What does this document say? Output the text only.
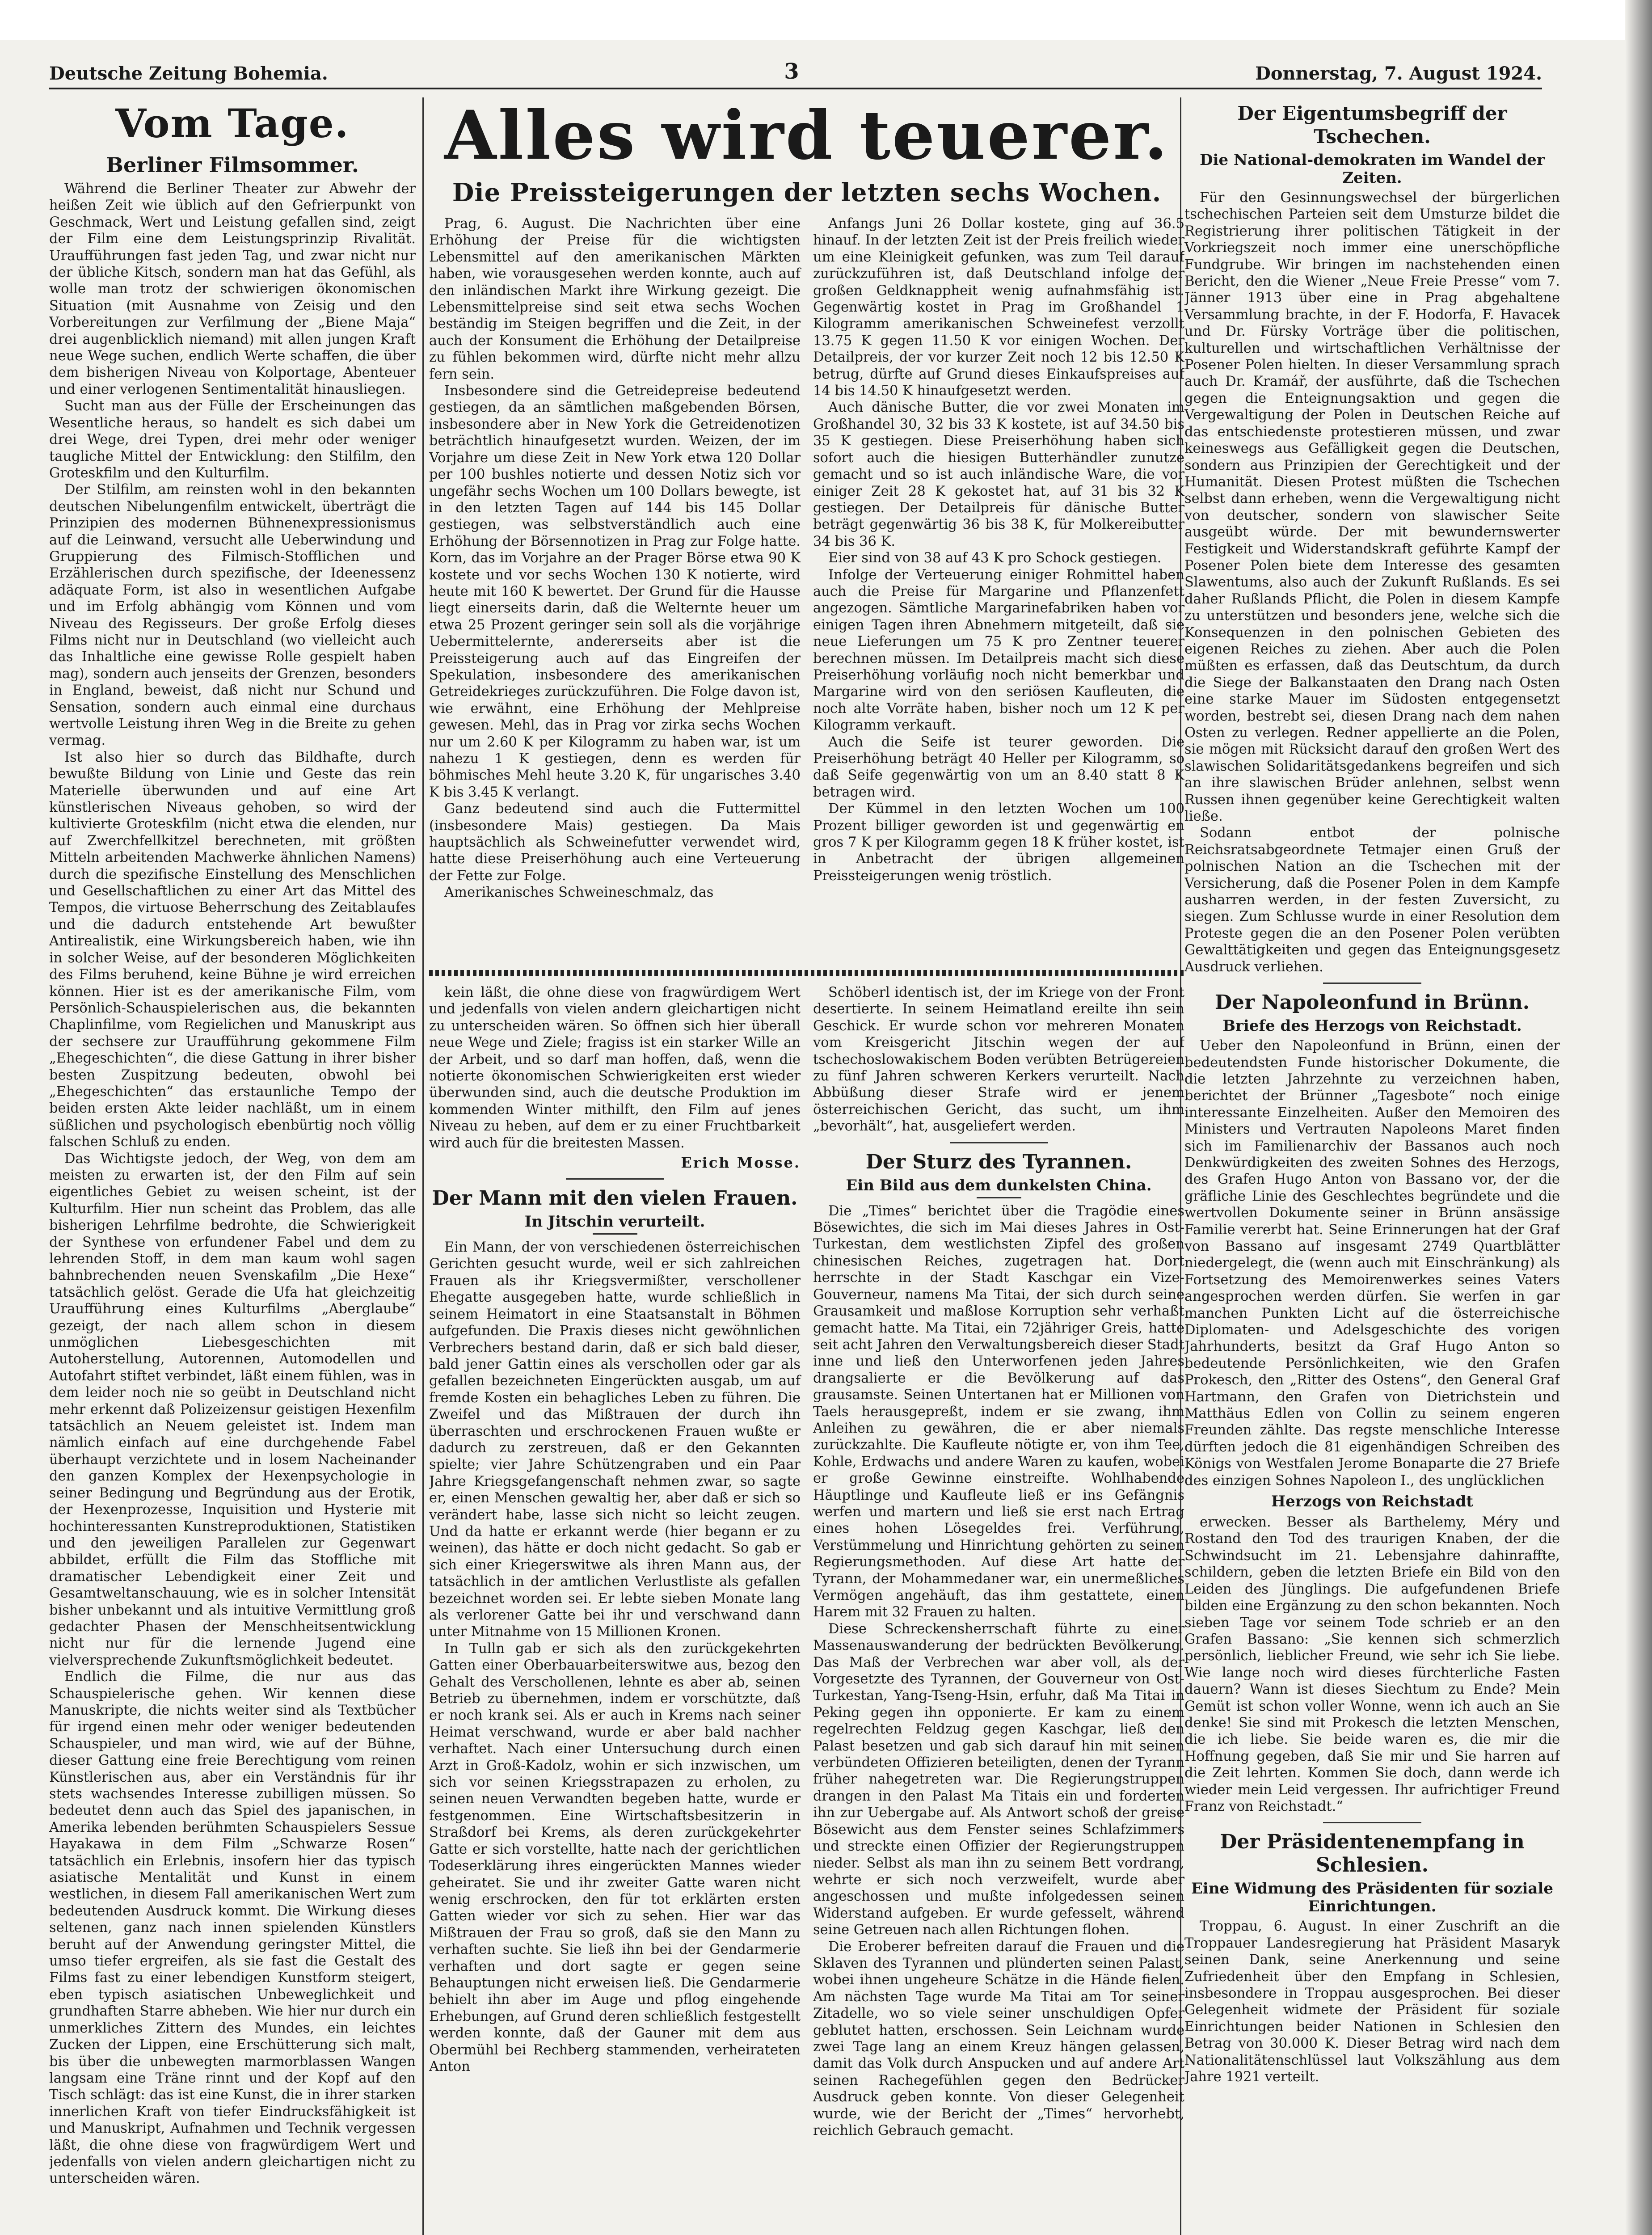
Deutsche Zeitung Bohemia.	3	Donnerstag, 7. August 1924.
Vom Tage.
Berliner Filmsommer.

Während die Berliner Theater zur Abwehr der heißen Zeit wie üblich auf den Gefrierpunkt von Geschmack, Wert und Leistung gefallen sind, zeigt der Film eine dem Leistungsprinzip Rivalität. Uraufführungen fast jeden Tag, und zwar nicht nur der übliche Kitsch, sondern man hat das Gefühl, als wolle man trotz der schwierigen ökonomischen Situation (mit Ausnahme von Zeisig und den Vorbereitungen zur Verfilmung der „Biene Maja“ drei augenblicklich niemand) mit allen jungen Kraft neue Wege suchen, endlich Werte schaffen, die über dem bisherigen Niveau von Kolportage, Abenteuer und einer verlogenen Sentimentalität hinausliegen.

Sucht man aus der Fülle der Erscheinungen das Wesentliche heraus, so handelt es sich dabei um drei Wege, drei Typen, drei mehr oder weniger taugliche Mittel der Entwicklung: den Stilfilm, den Groteskfilm und den Kulturfilm.

Der Stilfilm, am reinsten wohl in den bekannten deutschen Nibelungenfilm entwickelt, überträgt die Prinzipien des modernen Bühnenexpressionismus auf die Leinwand, versucht alle Ueberwindung und Gruppierung des Filmisch-Stofflichen und Erzählerischen durch spezifische, der Ideenessenz adäquate Form, ist also in wesentlichen Aufgabe und im Erfolg abhängig vom Können und vom Niveau des Regisseurs. Der große Erfolg dieses Films nicht nur in Deutschland (wo vielleicht auch das Inhaltliche eine gewisse Rolle gespielt haben mag), sondern auch jenseits der Grenzen, besonders in England, beweist, daß nicht nur Schund und Sensation, sondern auch einmal eine durchaus wertvolle Leistung ihren Weg in die Breite zu gehen vermag.

Ist also hier so durch das Bildhafte, durch bewußte Bildung von Linie und Geste das rein Materielle überwunden und auf eine Art künstlerischen Niveaus gehoben, so wird der kultivierte Groteskfilm (nicht etwa die elenden, nur auf Zwerchfellkitzel berechneten, mit größten Mitteln arbeitenden Machwerke ähnlichen Namens) durch die spezifische Einstellung des Menschlichen und Gesellschaftlichen zu einer Art das Mittel des Tempos, die virtuose Beherrschung des Zeitablaufes und die dadurch entstehende Art bewußter Antirealistik, eine Wirkungsbereich haben, wie ihn in solcher Weise, auf der besonderen Möglichkeiten des Films beruhend, keine Bühne je wird erreichen können. Hier ist es der amerikanische Film, vom Persönlich-Schauspielerischen aus, die bekannten Chaplinfilme, vom Regielichen und Manuskript aus der sechsere zur Uraufführung gekommene Film „Ehegeschichten“, die diese Gattung in ihrer bisher besten Zuspitzung bedeuten, obwohl bei „Ehegeschichten“ das erstaunliche Tempo der beiden ersten Akte leider nachläßt, um in einem süßlichen und psychologisch ebenbürtig noch völlig falschen Schluß zu enden.

Das Wichtigste jedoch, der Weg, von dem am meisten zu erwarten ist, der den Film auf sein eigentliches Gebiet zu weisen scheint, ist der Kulturfilm. Hier nun scheint das Problem, das alle bisherigen Lehrfilme bedrohte, die Schwierigkeit der Synthese von erfundener Fabel und dem zu lehrenden Stoff, in dem man kaum wohl sagen bahnbrechenden neuen Svenskafilm „Die Hexe“ tatsächlich gelöst. Gerade die Ufa hat gleichzeitig Uraufführung eines Kulturfilms „Aberglaube“ gezeigt, der nach allem schon in diesem unmöglichen Liebesgeschichten mit Autoherstellung, Autorennen, Automodellen und Autofahrt stiftet verbindet, läßt einem fühlen, was in dem leider noch nie so geübt in Deutschland nicht mehr erkennt daß Polizeizensur geistigen Hexenfilm tatsächlich an Neuem geleistet ist. Indem man nämlich einfach auf eine durchgehende Fabel überhaupt verzichtete und in losem Nacheinander den ganzen Komplex der Hexenpsychologie in seiner Bedingung und Begründung aus der Erotik, der Hexenprozesse, Inquisition und Hysterie mit hochinteressanten Kunstreproduktionen, Statistiken und den jeweiligen Parallelen zur Gegenwart abbildet, erfüllt die Film das Stoffliche mit dramatischer Lebendigkeit einer Zeit und Gesamtweltanschauung, wie es in solcher Intensität bisher unbekannt und als intuitive Vermittlung groß gedachter Phasen der Menschheitsentwicklung nicht nur für die lernende Jugend eine vielversprechende Zukunftsmöglichkeit bedeutet.

Endlich die Filme, die nur aus das Schauspielerische gehen. Wir kennen diese Manuskripte, die nichts weiter sind als Textbücher für irgend einen mehr oder weniger bedeutenden Schauspieler, und man wird, wie auf der Bühne, dieser Gattung eine freie Berechtigung vom reinen Künstlerischen aus, aber ein Verständnis für ihr stets wachsendes Interesse zubilligen müssen. So bedeutet denn auch das Spiel des japanischen, in Amerika lebenden berühmten Schauspielers Sessue Hayakawa in dem Film „Schwarze Rosen“ tatsächlich ein Erlebnis, insofern hier das typisch asiatische Mentalität und Kunst in einem westlichen, in diesem Fall amerikanischen Wert zum bedeutenden Ausdruck kommt. Die Wirkung dieses seltenen, ganz nach innen spielenden Künstlers beruht auf der Anwendung geringster Mittel, die umso tiefer ergreifen, als sie fast die Gestalt des Films fast zu einer lebendigen Kunstform steigert, eben typisch asiatischen Unbeweglichkeit und grundhaften Starre abheben. Wie hier nur durch ein unmerkliches Zittern des Mundes, ein leichtes Zucken der Lippen, eine Erschütterung sich malt, bis über die unbewegten marmorblassen Wangen langsam eine Träne rinnt und der Kopf auf den Tisch schlägt: das ist eine Kunst, die in ihrer starken innerlichen Kraft von tiefer Eindrucksfähigkeit ist und Manuskript, Aufnahmen und Technik vergessen läßt, die ohne diese von fragwürdigem Wert und jedenfalls von vielen andern gleichartigen nicht zu unterscheiden wären.

Alles wird teuerer.
Die Preissteigerungen der letzten sechs Wochen.

Prag, 6. August. Die Nachrichten über eine Erhöhung der Preise für die wichtigsten Lebensmittel auf den amerikanischen Märkten haben, wie vorausgesehen werden konnte, auch auf den inländischen Markt ihre Wirkung gezeigt. Die Lebensmittelpreise sind seit etwa sechs Wochen beständig im Steigen begriffen und die Zeit, in der auch der Konsument die Erhöhung der Detailpreise zu fühlen bekommen wird, dürfte nicht mehr allzu fern sein.

Insbesondere sind die Getreidepreise bedeutend gestiegen, da an sämtlichen maßgebenden Börsen, insbesondere aber in New York die Getreidenotizen beträchtlich hinaufgesetzt wurden. Weizen, der im Vorjahre um diese Zeit in New York etwa 120 Dollar per 100 bushles notierte und dessen Notiz sich vor ungefähr sechs Wochen um 100 Dollars bewegte, ist in den letzten Tagen auf 144 bis 145 Dollar gestiegen, was selbstverständlich auch eine Erhöhung der Börsennotizen in Prag zur Folge hatte. Korn, das im Vorjahre an der Prager Börse etwa 90 K kostete und vor sechs Wochen 130 K notierte, wird heute mit 160 K bewertet. Der Grund für die Hausse liegt einerseits darin, daß die Welternte heuer um etwa 25 Prozent geringer sein soll als die vorjährige Uebermittelernte, andererseits aber ist die Preissteigerung auch auf das Eingreifen der Spekulation, insbesondere des amerikanischen Getreidekrieges zurückzuführen. Die Folge davon ist, wie erwähnt, eine Erhöhung der Mehlpreise gewesen. Mehl, das in Prag vor zirka sechs Wochen nur um 2.60 K per Kilogramm zu haben war, ist um nahezu 1 K gestiegen, denn es werden für böhmisches Mehl heute 3.20 K, für ungarisches 3.40 K bis 3.45 K verlangt.

Ganz bedeutend sind auch die Futtermittel (insbesondere Mais) gestiegen. Da Mais hauptsächlich als Schweinefutter verwendet wird, hatte diese Preiserhöhung auch eine Verteuerung der Fette zur Folge.

Amerikanisches Schweineschmalz, das

Anfangs Juni 26 Dollar kostete, ging auf 36.5 hinauf. In der letzten Zeit ist der Preis freilich wieder um eine Kleinigkeit gefunken, was zum Teil darauf zurückzuführen ist, daß Deutschland infolge der großen Geldknappheit wenig aufnahmsfähig ist. Gegenwärtig kostet in Prag im Großhandel 1 Kilogramm amerikanischen Schweinefest verzollt 13.75 K gegen 11.50 K vor einigen Wochen. Der Detailpreis, der vor kurzer Zeit noch 12 bis 12.50 K betrug, dürfte auf Grund dieses Einkaufspreises auf 14 bis 14.50 K hinaufgesetzt werden.

Auch dänische Butter, die vor zwei Monaten im Großhandel 30, 32 bis 33 K kostete, ist auf 34.50 bis 35 K gestiegen. Diese Preiserhöhung haben sich sofort auch die hiesigen Butterhändler zunutze gemacht und so ist auch inländische Ware, die vor einiger Zeit 28 K gekostet hat, auf 31 bis 32 K gestiegen. Der Detailpreis für dänische Butter beträgt gegenwärtig 36 bis 38 K, für Molkereibutter 34 bis 36 K.

Eier sind von 38 auf 43 K pro Schock gestiegen.

Infolge der Verteuerung einiger Rohmittel haben auch die Preise für Margarine und Pflanzenfett angezogen. Sämtliche Margarinefabriken haben vor einigen Tagen ihren Abnehmern mitgeteilt, daß sie neue Lieferungen um 75 K pro Zentner teuerer berechnen müssen. Im Detailpreis macht sich diese Preiserhöhung vorläufig noch nicht bemerkbar und Margarine wird von den seriösen Kaufleuten, die noch alte Vorräte haben, bisher noch um 12 K per Kilogramm verkauft.

Auch die Seife ist teurer geworden. Die Preiserhöhung beträgt 40 Heller per Kilogramm, so daß Seife gegenwärtig von um an 8.40 statt 8 K betragen wird.

Der Kümmel in den letzten Wochen um 100 Prozent billiger geworden ist und gegenwärtig en gros 7 K per Kilogramm gegen 18 K früher kostet, ist in Anbetracht der übrigen allgemeinen Preissteigerungen wenig tröstlich.

kein läßt, die ohne diese von fragwürdigem Wert und jedenfalls von vielen andern gleichartigen nicht zu unterscheiden wären. So öffnen sich hier überall neue Wege und Ziele; fragiss ist ein starker Wille an der Arbeit, und so darf man hoffen, daß, wenn die notierte ökonomischen Schwierigkeiten erst wieder überwunden sind, auch die deutsche Produktion im kommenden Winter mithilft, den Film auf jenes Niveau zu heben, auf dem er zu einer Fruchtbarkeit wird auch für die breitesten Massen.

Erich Mosse.
Der Mann mit den vielen Frauen.
In Jitschin verurteilt.

Ein Mann, der von verschiedenen österreichischen Gerichten gesucht wurde, weil er sich zahlreichen Frauen als ihr Kriegsvermißter, verschollener Ehegatte ausgegeben hatte, wurde schließlich in seinem Heimatort in eine Staatsanstalt in Böhmen aufgefunden. Die Praxis dieses nicht gewöhnlichen Verbrechers bestand darin, daß er sich bald dieser, bald jener Gattin eines als verschollen oder gar als gefallen bezeichneten Eingerückten ausgab, um auf fremde Kosten ein behagliches Leben zu führen. Die Zweifel und das Mißtrauen der durch ihn überraschten und erschrockenen Frauen wußte er dadurch zu zerstreuen, daß er den Gekannten spielte; vier Jahre Schützengraben und ein Paar Jahre Kriegsgefangenschaft nehmen zwar, so sagte er, einen Menschen gewaltig her, aber daß er sich so verändert habe, lasse sich nicht so leicht zeugen. Und da hatte er erkannt werde (hier begann er zu weinen), das hätte er doch nicht gedacht. So gab er sich einer Kriegerswitwe als ihren Mann aus, der tatsächlich in der amtlichen Verlustliste als gefallen bezeichnet worden sei. Er lebte sieben Monate lang als verlorener Gatte bei ihr und verschwand dann unter Mitnahme von 15 Millionen Kronen.

In Tulln gab er sich als den zurückgekehrten Gatten einer Oberbauarbeiterswitwe aus, bezog den Gehalt des Verschollenen, lehnte es aber ab, seinen Betrieb zu übernehmen, indem er vorschützte, daß er noch krank sei. Als er auch in Krems nach seiner Heimat verschwand, wurde er aber bald nachher verhaftet. Nach einer Untersuchung durch einen Arzt in Groß-Kadolz, wohin er sich inzwischen, um sich vor seinen Kriegsstrapazen zu erholen, zu seinen neuen Verwandten begeben hatte, wurde er festgenommen. Eine Wirtschaftsbesitzerin in Straßdorf bei Krems, als deren zurückgekehrter Gatte er sich vorstellte, hatte nach der gerichtlichen Todeserklärung ihres eingerückten Mannes wieder geheiratet. Sie und ihr zweiter Gatte waren nicht wenig erschrocken, den für tot erklärten ersten Gatten wieder vor sich zu sehen. Hier war das Mißtrauen der Frau so groß, daß sie den Mann zu verhaften suchte. Sie ließ ihn bei der Gendarmerie verhaften und dort sagte er gegen seine Behauptungen nicht erweisen ließ. Die Gendarmerie behielt ihn aber im Auge und pflog eingehende Erhebungen, auf Grund deren schließlich festgestellt werden konnte, daß der Gauner mit dem aus Obermühl bei Rechberg stammenden, verheirateten Anton

Schöberl identisch ist, der im Kriege von der Front desertierte. In seinem Heimatland ereilte ihn sein Geschick. Er wurde schon vor mehreren Monaten vom Kreisgericht Jitschin wegen der auf tschechoslowakischem Boden verübten Betrügereien zu fünf Jahren schweren Kerkers verurteilt. Nach Abbüßung dieser Strafe wird er jenem österreichischen Gericht, das sucht, um ihm „bevorhält“, hat, ausgeliefert werden.

Der Sturz des Tyrannen.
Ein Bild aus dem dunkelsten China.

Die „Times“ berichtet über die Tragödie eines Bösewichtes, die sich im Mai dieses Jahres in Ost-Turkestan, dem westlichsten Zipfel des großen chinesischen Reiches, zugetragen hat. Dort herrschte in der Stadt Kaschgar ein Vize-Gouverneur, namens Ma Titai, der sich durch seine Grausamkeit und maßlose Korruption sehr verhaßt gemacht hatte. Ma Titai, ein 72jähriger Greis, hatte seit acht Jahren den Verwaltungsbereich dieser Stadt inne und ließ den Unterworfenen jeden Jahres drangsalierte er die Bevölkerung auf das grausamste. Seinen Untertanen hat er Millionen von Taels herausgepreßt, indem er sie zwang, ihm Anleihen zu gewähren, die er aber niemals zurückzahlte. Die Kaufleute nötigte er, von ihm Tee, Kohle, Erdwachs und andere Waren zu kaufen, wobei er große Gewinne einstreifte. Wohlhabende Häuptlinge und Kaufleute ließ er ins Gefängnis werfen und martern und ließ sie erst nach Ertrag eines hohen Lösegeldes frei. Verführung, Verstümmelung und Hinrichtung gehörten zu seinen Regierungsmethoden. Auf diese Art hatte der Tyrann, der Mohammedaner war, ein unermeßliches Vermögen angehäuft, das ihm gestattete, einen Harem mit 32 Frauen zu halten.

Diese Schreckensherrschaft führte zu einer Massenauswanderung der bedrückten Bevölkerung. Das Maß der Verbrechen war aber voll, als der Vorgesetzte des Tyrannen, der Gouverneur von Ost-Turkestan, Yang-Tseng-Hsin, erfuhr, daß Ma Titai in Peking gegen ihn opponierte. Er kam zu einem regelrechten Feldzug gegen Kaschgar, ließ den Palast besetzen und gab sich darauf hin mit seinen verbündeten Offizieren beteiligten, denen der Tyrann früher nahegetreten war. Die Regierungstruppen drangen in den Palast Ma Titais ein und forderten ihn zur Uebergabe auf. Als Antwort schoß der greise Bösewicht aus dem Fenster seines Schlafzimmers und streckte einen Offizier der Regierungstruppen nieder. Selbst als man ihn zu seinem Bett vordrang, wehrte er sich noch verzweifelt, wurde aber angeschossen und mußte infolgedessen seinen Widerstand aufgeben. Er wurde gefesselt, während seine Getreuen nach allen Richtungen flohen.

Die Eroberer befreiten darauf die Frauen und die Sklaven des Tyrannen und plünderten seinen Palast, wobei ihnen ungeheure Schätze in die Hände fielen. Am nächsten Tage wurde Ma Titai am Tor seiner Zitadelle, wo so viele seiner unschuldigen Opfer geblutet hatten, erschossen. Sein Leichnam wurde zwei Tage lang an einem Kreuz hängen gelassen, damit das Volk durch Anspucken und auf andere Art seinen Rachegefühlen gegen den Bedrücker Ausdruck geben konnte. Von dieser Gelegenheit wurde, wie der Bericht der „Times“ hervorhebt, reichlich Gebrauch gemacht.

Der Eigentumsbegriff der Tschechen.
Die National-demokraten im Wandel der Zeiten.

Für den Gesinnungswechsel der bürgerlichen tschechischen Parteien seit dem Umsturze bildet die Registrierung ihrer politischen Tätigkeit in der Vorkriegszeit noch immer eine unerschöpfliche Fundgrube. Wir bringen im nachstehenden einen Bericht, den die Wiener „Neue Freie Presse“ vom 7. Jänner 1913 über eine in Prag abgehaltene Versammlung brachte, in der F. Hodorfa, F. Havacek und Dr. Fürsky Vorträge über die politischen, kulturellen und wirtschaftlichen Verhältnisse der Posener Polen hielten. In dieser Versammlung sprach auch Dr. Kramář, der ausführte, daß die Tschechen gegen die Enteignungsaktion und gegen die Vergewaltigung der Polen in Deutschen Reiche auf das entschiedenste protestieren müssen, und zwar keineswegs aus Gefälligkeit gegen die Deutschen, sondern aus Prinzipien der Gerechtigkeit und der Humanität. Diesen Protest müßten die Tschechen selbst dann erheben, wenn die Vergewaltigung nicht von deutscher, sondern von slawischer Seite ausgeübt würde. Der mit bewundernswerter Festigkeit und Widerstandskraft geführte Kampf der Posener Polen biete dem Interesse des gesamten Slawentums, also auch der Zukunft Rußlands. Es sei daher Rußlands Pflicht, die Polen in diesem Kampfe zu unterstützen und besonders jene, welche sich die Konsequenzen in den polnischen Gebieten des eigenen Reiches zu ziehen. Aber auch die Polen müßten es erfassen, daß das Deutschtum, da durch die Siege der Balkanstaaten den Drang nach Osten eine starke Mauer im Südosten entgegensetzt worden, bestrebt sei, diesen Drang nach dem nahen Osten zu verlegen. Redner appellierte an die Polen, sie mögen mit Rücksicht darauf den großen Wert des slawischen Solidaritätsgedankens begreifen und sich an ihre slawischen Brüder anlehnen, selbst wenn Russen ihnen gegenüber keine Gerechtigkeit walten ließe.

Sodann entbot der polnische Reichsratsabgeordnete Tetmajer einen Gruß der polnischen Nation an die Tschechen mit der Versicherung, daß die Posener Polen in dem Kampfe ausharren werden, in der festen Zuversicht, zu siegen. Zum Schlusse wurde in einer Resolution dem Proteste gegen die an den Posener Polen verübten Gewalttätigkeiten und gegen das Enteignungsgesetz Ausdruck verliehen.

Der Napoleonfund in Brünn.
Briefe des Herzogs von Reichstadt.

Ueber den Napoleonfund in Brünn, einen der bedeutendsten Funde historischer Dokumente, die die letzten Jahrzehnte zu verzeichnen haben, berichtet der Brünner „Tagesbote“ noch einige interessante Einzelheiten. Außer den Memoiren des Ministers und Vertrauten Napoleons Maret finden sich im Familienarchiv der Bassanos auch noch Denkwürdigkeiten des zweiten Sohnes des Herzogs, des Grafen Hugo Anton von Bassano vor, der die gräfliche Linie des Geschlechtes begründete und die wertvollen Dokumente seiner in Brünn ansässige Familie vererbt hat. Seine Erinnerungen hat der Graf von Bassano auf insgesamt 2749 Quartblätter niedergelegt, die (wenn auch mit Einschränkung) als Fortsetzung des Memoirenwerkes seines Vaters angesprochen werden dürfen. Sie werfen in gar manchen Punkten Licht auf die österreichische Diplomaten- und Adelsgeschichte des vorigen Jahrhunderts, besitzt da Graf Hugo Anton so bedeutende Persönlichkeiten, wie den Grafen Prokesch, den „Ritter des Ostens“, den General Graf Hartmann, den Grafen von Dietrichstein und Matthäus Edlen von Collin zu seinem engeren Freunden zählte. Das regste menschliche Interesse dürften jedoch die 81 eigenhändigen Schreiben des Königs von Westfalen Jerome Bonaparte die 27 Briefe des einzigen Sohnes Napoleon I., des unglücklichen

Herzogs von Reichstadt

erwecken. Besser als Barthelemy, Méry und Rostand den Tod des traurigen Knaben, der die Schwindsucht im 21. Lebensjahre dahinraffte, schildern, geben die letzten Briefe ein Bild von den Leiden des Jünglings. Die aufgefundenen Briefe bilden eine Ergänzung zu den schon bekannten. Noch sieben Tage vor seinem Tode schrieb er an den Grafen Bassano: „Sie kennen sich schmerzlich persönlich, lieblicher Freund, wie sehr ich Sie liebe. Wie lange noch wird dieses fürchterliche Fasten dauern? Wann ist dieses Siechtum zu Ende? Mein Gemüt ist schon voller Wonne, wenn ich auch an Sie denke! Sie sind mit Prokesch die letzten Menschen, die ich liebe. Sie beide waren es, die mir die Hoffnung gegeben, daß Sie mir und Sie harren auf die Zeit lehrten. Kommen Sie doch, dann werde ich wieder mein Leid vergessen. Ihr aufrichtiger Freund Franz von Reichstadt.“

Der Präsidentenempfang in Schlesien.
Eine Widmung des Präsidenten für soziale Einrichtungen.

Troppau, 6. August. In einer Zuschrift an die Troppauer Landesregierung hat Präsident Masaryk seinen Dank, seine Anerkennung und seine Zufriedenheit über den Empfang in Schlesien, insbesondere in Troppau ausgesprochen. Bei dieser Gelegenheit widmete der Präsident für soziale Einrichtungen beider Nationen in Schlesien den Betrag von 30.000 K. Dieser Betrag wird nach dem Nationalitätenschlüssel laut Volkszählung aus dem Jahre 1921 verteilt.
